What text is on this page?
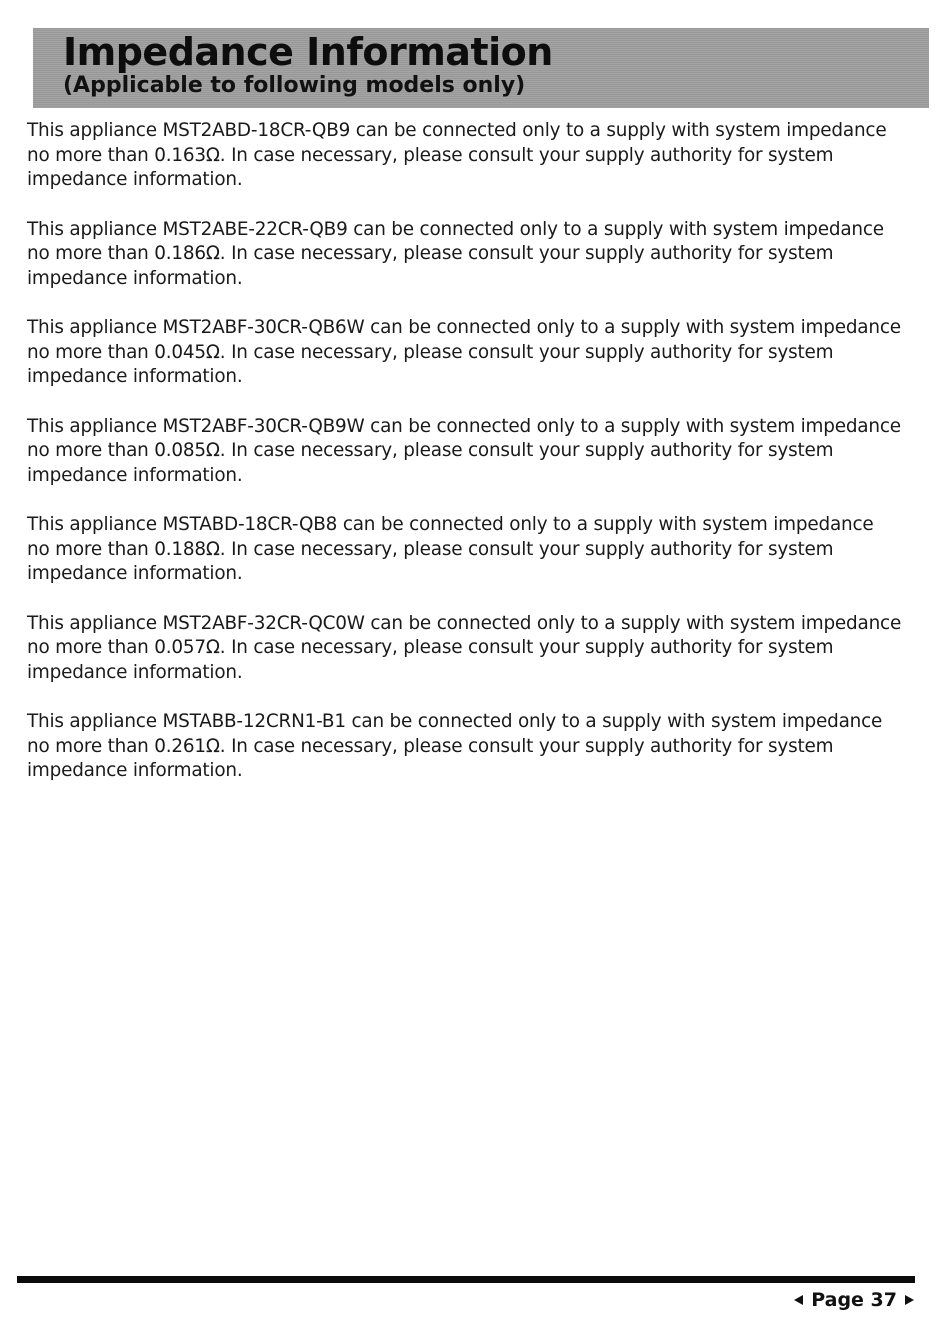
Impedance Information
(Applicable to following models only)

This appliance MST2ABD-18CR-QB9 can be connected only to a supply with system impedance
no more than 0.163Ω. In case necessary, please consult your supply authority for system
impedance information.

This appliance MST2ABE-22CR-QB9 can be connected only to a supply with system impedance
no more than 0.186Ω. In case necessary, please consult your supply authority for system
impedance information.

This appliance MST2ABF-30CR-QB6W can be connected only to a supply with system impedance
no more than 0.045Ω. In case necessary, please consult your supply authority for system
impedance information.

This appliance MST2ABF-30CR-QB9W can be connected only to a supply with system impedance
no more than 0.085Ω. In case necessary, please consult your supply authority for system
impedance information.

This appliance MSTABD-18CR-QB8 can be connected only to a supply with system impedance
no more than 0.188Ω. In case necessary, please consult your supply authority for system
impedance information.

This appliance MST2ABF-32CR-QC0W can be connected only to a supply with system impedance
no more than 0.057Ω. In case necessary, please consult your supply authority for system
impedance information.

This appliance MSTABB-12CRN1-B1 can be connected only to a supply with system impedance
no more than 0.261Ω. In case necessary, please consult your supply authority for system
impedance information.

Page 37
